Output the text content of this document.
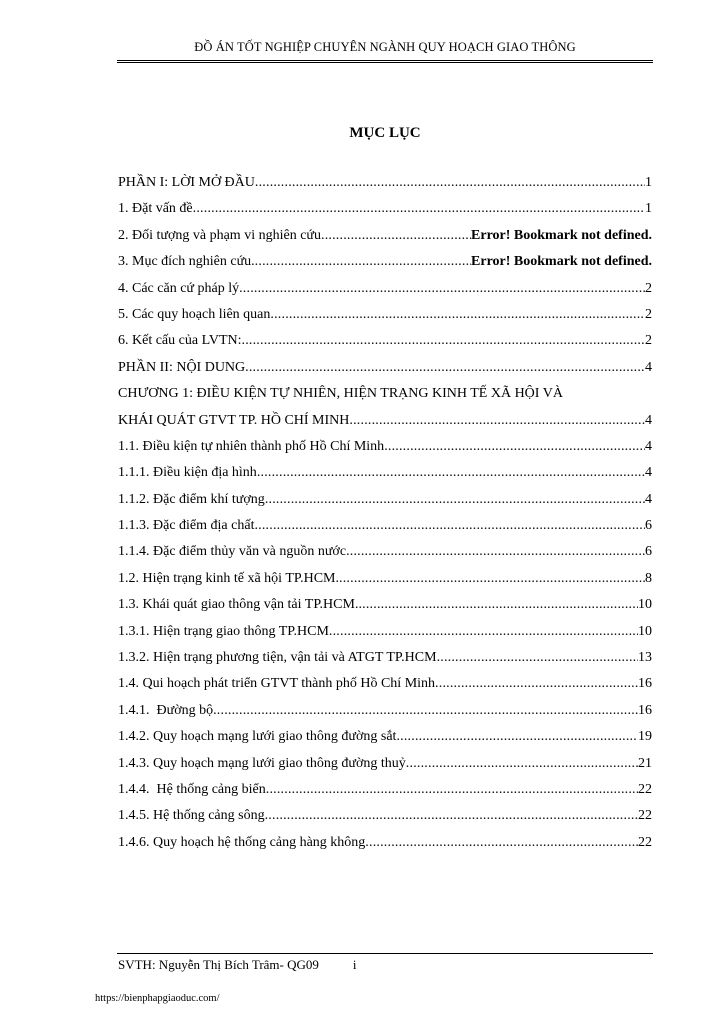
ĐỒ ÁN TỐT NGHIỆP CHUYÊN NGÀNH QUY HOẠCH GIAO THÔNG
MỤC LỤC
PHẦN I: LỜI MỞ ĐẦU .....	1
1. Đặt vấn đề .....	1
2. Đối tượng và phạm vi nghiên cứu .....	Error! Bookmark not defined.
3. Mục đích nghiên cứu. .....	Error! Bookmark not defined.
4. Các căn cứ pháp lý .....	2
5. Các quy hoạch liên quan .....	2
6. Kết cấu của LVTN: .....	2
PHẦN II: NỘI DUNG .....	4
CHƯƠNG 1: ĐIỀU KIỆN TỰ NHIÊN, HIỆN TRẠNG KINH TẾ XÃ HỘI VÀ
KHÁI QUÁT GTVT TP. HỒ CHÍ MINH .....	4
1.1. Điều kiện tự nhiên thành phố Hồ Chí Minh .....	4
1.1.1. Điều kiện địa hình .....	4
1.1.2. Đặc điểm khí tượng .....	4
1.1.3. Đặc điểm địa chất .....	6
1.1.4. Đặc điểm thủy văn và nguồn nước .....	6
1.2. Hiện trạng kinh tế xã hội TP.HCM. .....	8
1.3. Khái quát giao thông vận tải TP.HCM. .....	10
1.3.1. Hiện trạng giao thông TP.HCM .....	10
1.3.2. Hiện trạng phương tiện, vận tải và ATGT TP.HCM .....	13
1.4. Qui hoạch phát triển GTVT thành phố Hồ Chí Minh .....	16
1.4.1.  Đường bộ .....	16
1.4.2. Quy hoạch mạng lưới giao thông đường sắt .....	19
1.4.3. Quy hoạch mạng lưới giao thông đường thuỷ .....	21
1.4.4.  Hệ thống cảng biển .....	22
1.4.5. Hệ thống cảng sông .....	22
1.4.6. Quy hoạch hệ thống cảng hàng không .....	22
SVTH: Nguyễn Thị Bích Trâm- QG09	i
https://bienphapgiaoduc.com/
